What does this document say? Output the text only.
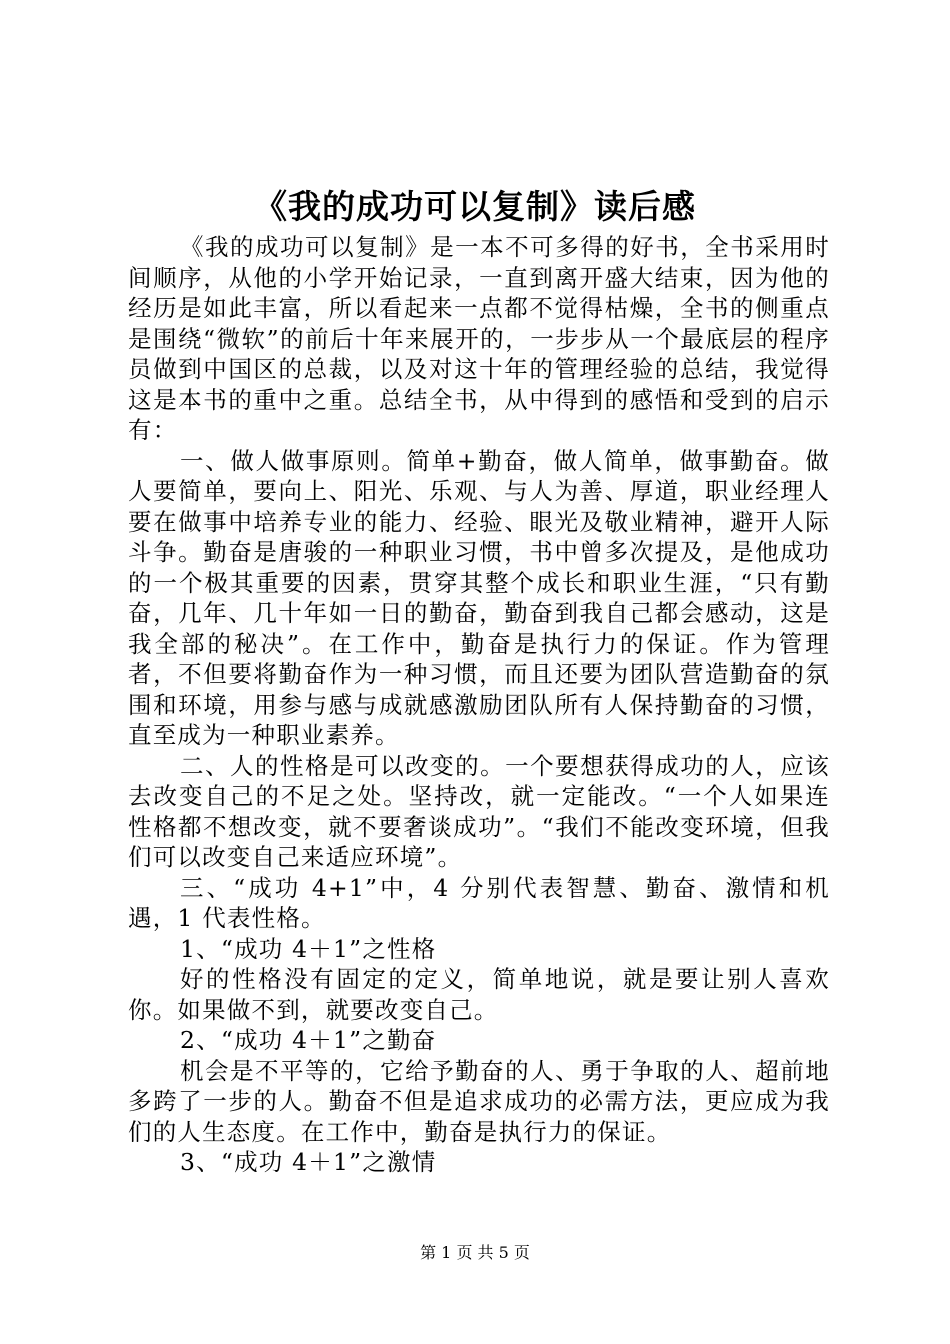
《我的成功可以复制》读后感

《我的成功可以复制》是一本不可多得的好书，全书采用时间顺序，从他的小学开始记录，一直到离开盛大结束，因为他的经历是如此丰富，所以看起来一点都不觉得枯燥，全书的侧重点是围绕“微软”的前后十年来展开的，一步步从一个最底层的程序员做到中国区的总裁，以及对这十年的管理经验的总结，我觉得这是本书的重中之重。总结全书，从中得到的感悟和受到的启示有：

一、做人做事原则。简单+勤奋，做人简单，做事勤奋。做人要简单，要向上、阳光、乐观、与人为善、厚道，职业经理人要在做事中培养专业的能力、经验、眼光及敬业精神，避开人际斗争。勤奋是唐骏的一种职业习惯，书中曾多次提及，是他成功的一个极其重要的因素，贯穿其整个成长和职业生涯，“只有勤奋，几年、几十年如一日的勤奋，勤奋到我自己都会感动，这是我全部的秘决”。在工作中，勤奋是执行力的保证。作为管理者，不但要将勤奋作为一种习惯，而且还要为团队营造勤奋的氛围和环境，用参与感与成就感激励团队所有人保持勤奋的习惯，直至成为一种职业素养。

二、人的性格是可以改变的。一个要想获得成功的人，应该去改变自己的不足之处。坚持改，就一定能改。“一个人如果连性格都不想改变，就不要奢谈成功”。“我们不能改变环境，但我们可以改变自己来适应环境”。

三、“成功 4+1”中，4 分别代表智慧、勤奋、激情和机遇，1 代表性格。

1、“成功 4＋1”之性格

好的性格没有固定的定义，简单地说，就是要让别人喜欢你。如果做不到，就要改变自己。

2、“成功 4＋1”之勤奋

机会是不平等的，它给予勤奋的人、勇于争取的人、超前地多跨了一步的人。勤奋不但是追求成功的必需方法，更应成为我们的人生态度。在工作中，勤奋是执行力的保证。

3、“成功 4＋1”之激情

第 1 页 共 5 页
